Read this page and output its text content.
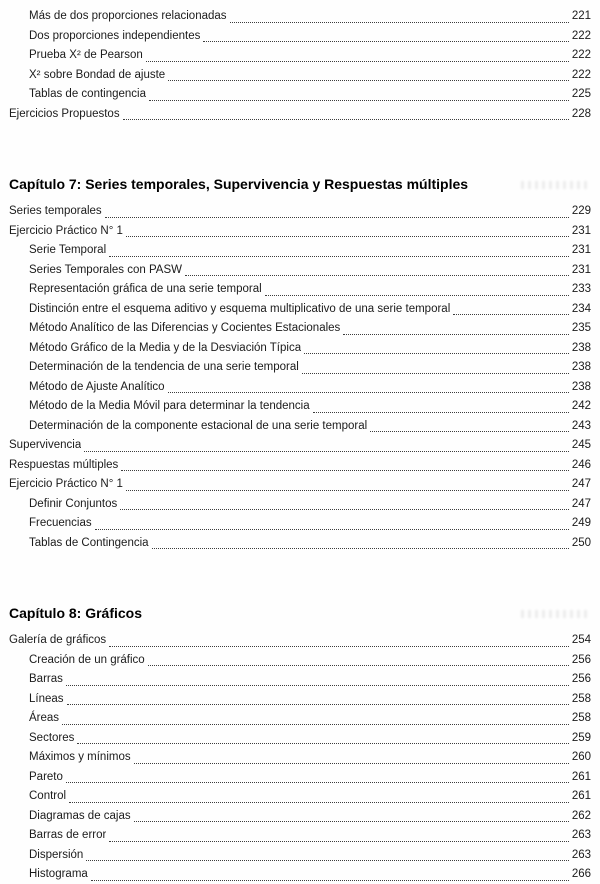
Más de dos proporciones relacionadas	221
Dos proporciones independientes	222
Prueba X² de Pearson	222
X² sobre Bondad de ajuste	222
Tablas de contingencia	225
Ejercicios Propuestos	228
Capítulo 7: Series temporales, Supervivencia y Respuestas múltiples
Series temporales	229
Ejercicio Práctico N° 1	231
Serie Temporal	231
Series Temporales con PASW	231
Representación gráfica de una serie temporal	233
Distinción entre el esquema aditivo y esquema multiplicativo de una serie temporal	234
Método Analítico de las Diferencias y Cocientes Estacionales	235
Método Gráfico de la Media y de la Desviación Típica	238
Determinación de la tendencia de una serie temporal	238
Método de Ajuste Analítico	238
Método de la Media Móvil para determinar la tendencia	242
Determinación de la componente estacional de una serie temporal	243
Supervivencia	245
Respuestas múltiples	246
Ejercicio Práctico N° 1	247
Definir Conjuntos	247
Frecuencias	249
Tablas de Contingencia	250
Capítulo 8: Gráficos
Galería de gráficos	254
Creación de un gráfico	256
Barras	256
Líneas	258
Áreas	258
Sectores	259
Máximos y mínimos	260
Pareto	261
Control	261
Diagramas de cajas	262
Barras de error	263
Dispersión	263
Histograma	266
